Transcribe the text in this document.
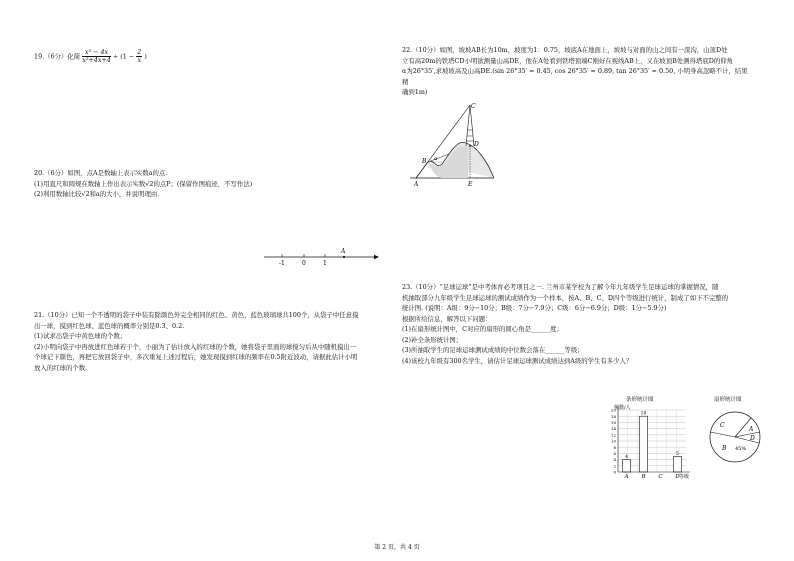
19.（6分）化简 $\frac{\text{x³ − 4x}}{\text{x²+4x+4}} \div (1 - \frac{2}{x}$ )

20.（6分）如图，点A是数轴上表示实数a的点.

(1)用直尺和圆规在数轴上作出表示实数√2的点P；(保留作图痕迹，不写作法)

(2)利用数轴比较√2和a的大小，并说明理由.

-1	0	1
A

21.（10分）已知一个不透明的袋子中装有除颜色外完全相同的红色、黄色、蓝色玻璃球共100个，从袋子中任意摸

出一球，摸到红色球、蓝色球的概率分别是0.3、0.2.

(1)试求出袋子中黄色球的个数；

(2)小明向袋子中再放进红色球若干个，小丽为了估计放入的红球的个数，她将袋子里面的球搅匀后从中随机摸出一

个球记下颜色，再把它放回袋子中，多次重复上述过程后，她发现摸到红球的频率在0.5附近波动，请据此估计小明

放入的红球的个数.

22.（10分）如图，坡坡AB长为10m，坡度为1：0.75，坡底A在地面上，坡坡与对面的山之间有一深沟，山顶D处

立有高20m的铁塔CD小明欲测量山高DE，他在A处看到铁塔顶端C刚好在视线AB上，又在坡顶B处测得塔底D的仰角

α为26°35′,求坡坡高及山高DE.(sin 26°35′ ≈ 0.45, cos 26°35′ ≈ 0.89, tan 26°35′ ≈ 0.50, 小明身高忽略不计，结果精

确到1m)

C
D
B α
A	E

23.（10分）“足球运球”是中考体育必考项目之一. 兰州市某学校为了解今年九年级学生足球运球的掌握情况，随

机抽取部分九年级学生足球运球的测试成绩作为一个样本，按A、B、C、D四个等级进行统计，制成了如下不完整的

统计图. (说明：A级：9分−10分；B级：7分−7.9分；C级：6分−6.9分；D级：1分−5.9分)

根据所给信息，解答以下问题：

(1)在扇形统计图中，C对应的扇形的圆心角是______度；

(2)补全条形统计图；

(3)所抽取学生的足球运球测试成绩的中位数会落在______等级；

(4)该校九年级有300名学生，请估计足球运球测试成绩达到A级的学生有多少人？

条形统计图
频数/人
等级
0
2
4
6
8
10
12
14
16
18
20
4
18
5
A B C D
扇形统计图
C
A
D
B 45%
第 2 页，共 4 页
